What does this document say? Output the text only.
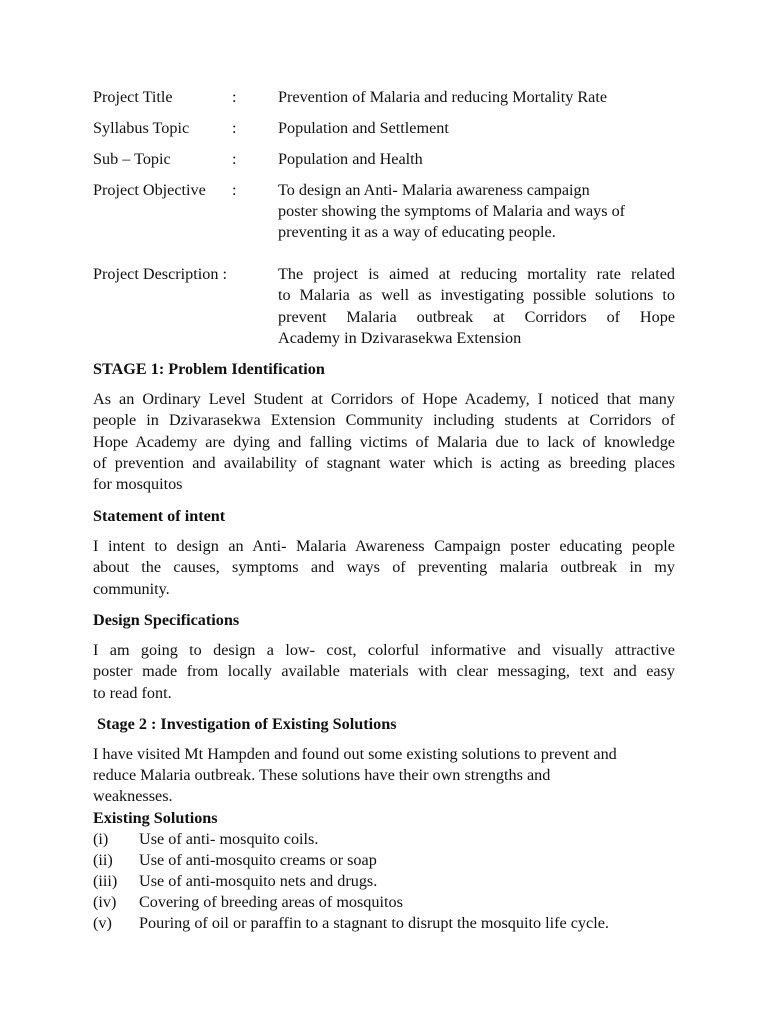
Project Title	:	Prevention of Malaria and reducing Mortality Rate
Syllabus Topic	:	Population and Settlement
Sub – Topic	:	Population and Health
Project Objective :	To design an Anti- Malaria awareness campaign
poster showing the symptoms of Malaria and ways of
preventing it as a way of educating people.
Project Description :	The project is aimed at reducing mortality rate related
to Malaria as well as investigating possible solutions to
prevent Malaria outbreak at Corridors of Hope
Academy in Dzivarasekwa Extension
STAGE 1: Problem Identification
As an Ordinary Level Student at Corridors of Hope Academy, I noticed that many
people in Dzivarasekwa Extension Community including students at Corridors of
Hope Academy are dying and falling victims of Malaria due to lack of knowledge
of prevention and availability of stagnant water which is acting as breeding places
for mosquitos
Statement of intent
I intent to design an Anti- Malaria Awareness Campaign poster educating people
about the causes, symptoms and ways of preventing malaria outbreak in my
community.
Design Specifications
I am going to design a low- cost, colorful informative and visually attractive
poster made from locally available materials with clear messaging, text and easy
to read font.
Stage 2 : Investigation of Existing Solutions
I have visited Mt Hampden and found out some existing solutions to prevent and
reduce Malaria outbreak. These solutions have their own strengths and
weaknesses.
Existing Solutions
(i) Use of anti- mosquito coils.
(ii) Use of anti-mosquito creams or soap
(iii) Use of anti-mosquito nets and drugs.
(iv) Covering of breeding areas of mosquitos
(v) Pouring of oil or paraffin to a stagnant to disrupt the mosquito life cycle.
